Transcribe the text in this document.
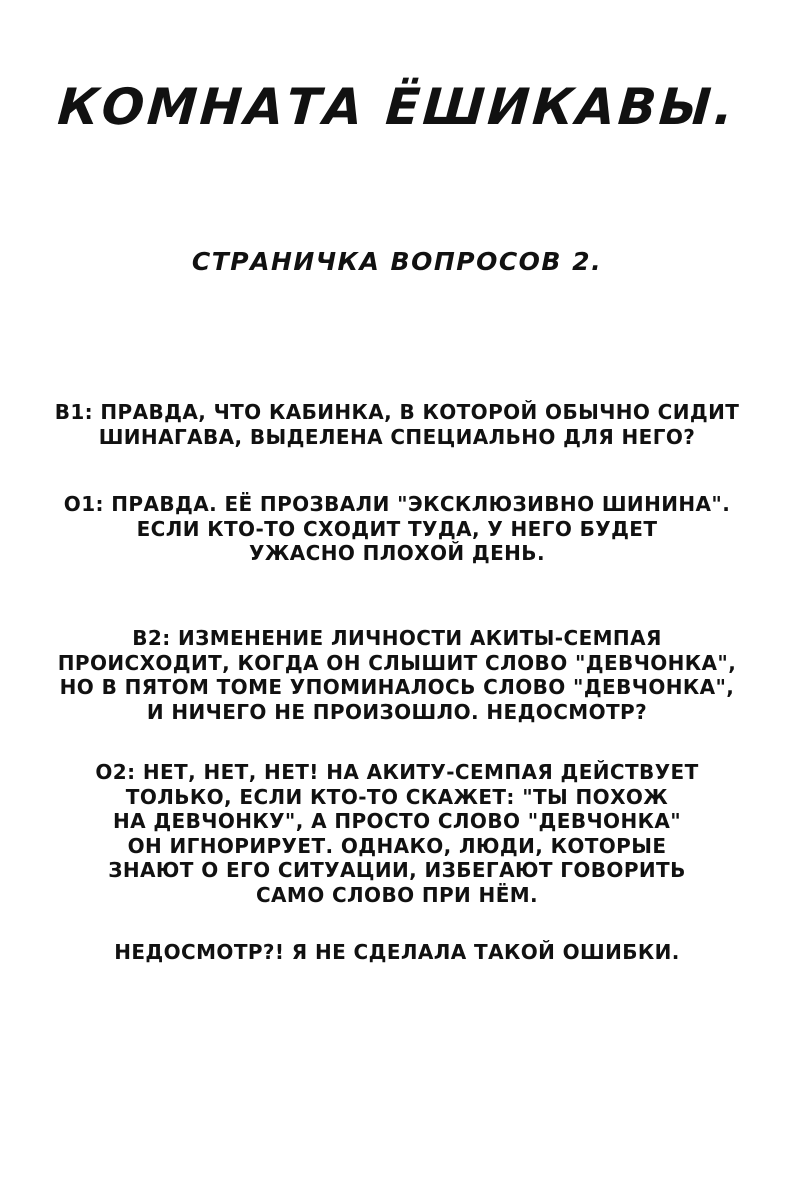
КОМНАТА ЁШИКАВЫ.
СТРАНИЧКА ВОПРОСОВ 2.
В1: ПРАВДА, ЧТО КАБИНКА, В КОТОРОЙ ОБЫЧНО СИДИТ
ШИНАГАВА, ВЫДЕЛЕНА СПЕЦИАЛЬНО ДЛЯ НЕГО?
О1: ПРАВДА. ЕЁ ПРОЗВАЛИ "ЭКСКЛЮЗИВНО ШИНИНА".
ЕСЛИ КТО-ТО СХОДИТ ТУДА, У НЕГО БУДЕТ
УЖАСНО ПЛОХОЙ ДЕНЬ.
В2: ИЗМЕНЕНИЕ ЛИЧНОСТИ АКИТЫ-СЕМПАЯ
ПРОИСХОДИТ, КОГДА ОН СЛЫШИТ СЛОВО "ДЕВЧОНКА",
НО В ПЯТОМ ТОМЕ УПОМИНАЛОСЬ СЛОВО "ДЕВЧОНКА",
И НИЧЕГО НЕ ПРОИЗОШЛО. НЕДОСМОТР?
О2: НЕТ, НЕТ, НЕТ! НА АКИТУ-СЕМПАЯ ДЕЙСТВУЕТ
ТОЛЬКО, ЕСЛИ КТО-ТО СКАЖЕТ: "ТЫ ПОХОЖ
НА ДЕВЧОНКУ", А ПРОСТО СЛОВО "ДЕВЧОНКА"
ОН ИГНОРИРУЕТ. ОДНАКО, ЛЮДИ, КОТОРЫЕ
ЗНАЮТ О ЕГО СИТУАЦИИ, ИЗБЕГАЮТ ГОВОРИТЬ
САМО СЛОВО ПРИ НЁМ.
НЕДОСМОТР?! Я НЕ СДЕЛАЛА ТАКОЙ ОШИБКИ.
